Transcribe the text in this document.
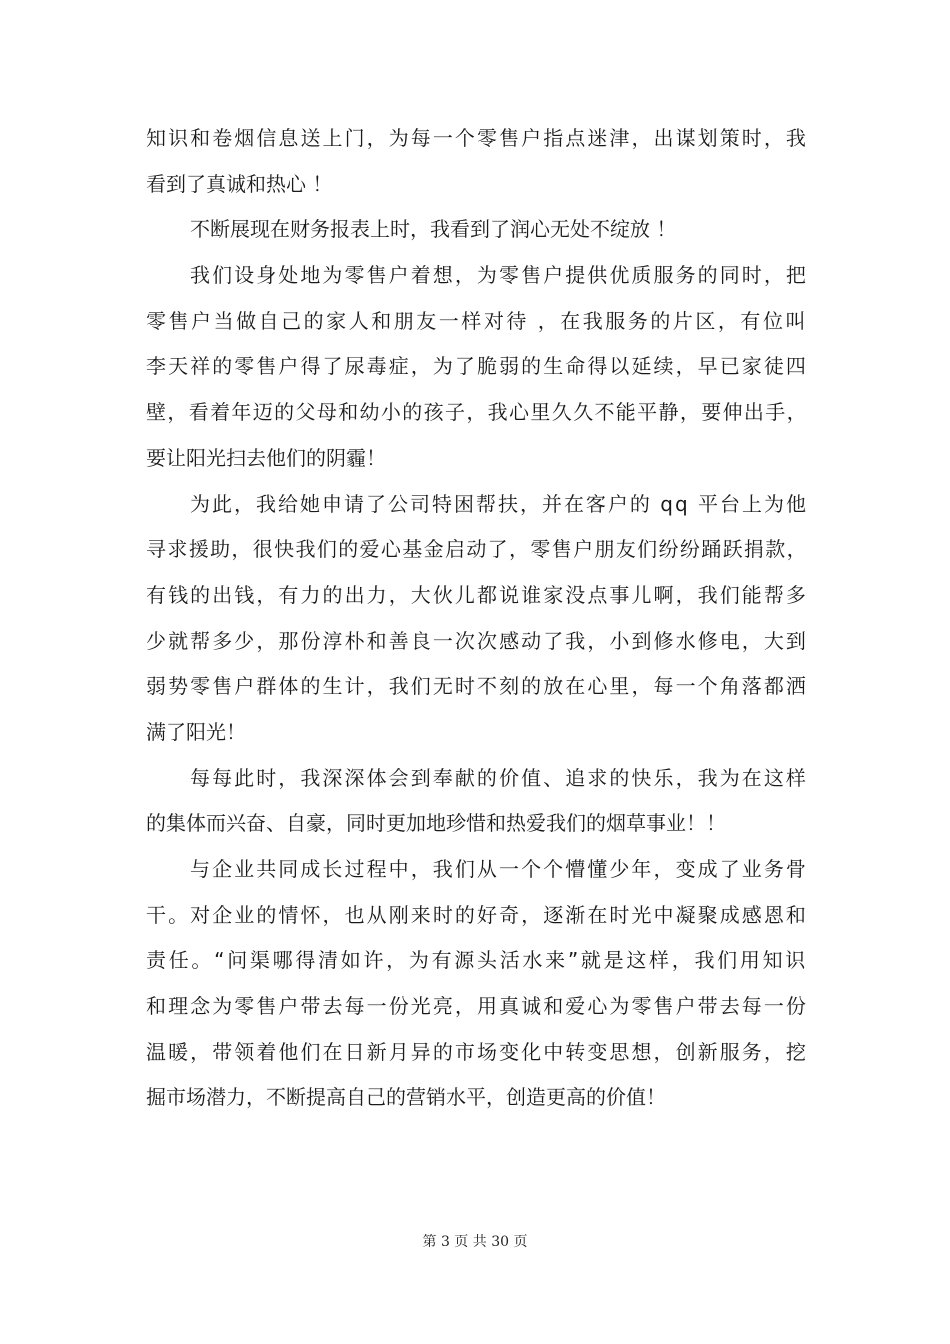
知识和卷烟信息送上门，为每一个零售户指点迷津，出谋划策时，我
看到了真诚和热心 ！
不断展现在财务报表上时，我看到了润心无处不绽放 ！
我们设身处地为零售户着想，为零售户提供优质服务的同时，把
零售户当做自己的家人和朋友一样对待 ，在我服务的片区，有位叫
李天祥的零售户得了尿毒症，为了脆弱的生命得以延续，早已家徒四
壁，看着年迈的父母和幼小的孩子，我心里久久不能平静，要伸出手，
要让阳光扫去他们的阴霾！
为此，我给她申请了公司特困帮扶，并在客户的 qq 平台上为他
寻求援助，很快我们的爱心基金启动了，零售户朋友们纷纷踊跃捐款，
有钱的出钱，有力的出力，大伙儿都说谁家没点事儿啊，我们能帮多
少就帮多少，那份淳朴和善良一次次感动了我，小到修水修电，大到
弱势零售户群体的生计，我们无时不刻的放在心里，每一个角落都洒
满了阳光！
每每此时，我深深体会到奉献的价值、追求的快乐，我为在这样
的集体而兴奋、自豪，同时更加地珍惜和热爱我们的烟草事业！！
与企业共同成长过程中，我们从一个个懵懂少年，变成了业务骨
干。对企业的情怀，也从刚来时的好奇，逐渐在时光中凝聚成感恩和
责任。“问渠哪得清如许，为有源头活水来”就是这样，我们用知识
和理念为零售户带去每一份光亮，用真诚和爱心为零售户带去每一份
温暖，带领着他们在日新月异的市场变化中转变思想，创新服务，挖
掘市场潜力，不断提高自己的营销水平，创造更高的价值！
第 3 页 共 30 页
